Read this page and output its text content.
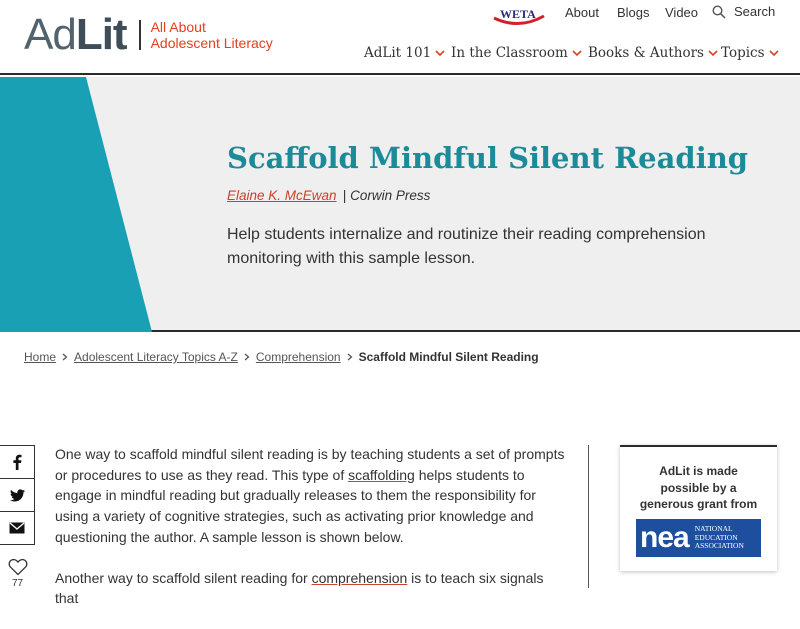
AdLit All About
Adolescent Literacy
WETA About Blogs Video	Search
AdLit 101 In the Classroom Books & Authors Topics
Scaffold Mindful Silent Reading
Elaine K. McEwan | Corwin Press

Help students internalize and routinize their reading comprehension monitoring with this sample lesson.

Home Adolescent Literacy Topics A-Z Comprehension Scaffold Mindful Silent Reading
77

One way to scaffold mindful silent reading is by teaching students a set of prompts or procedures to use as they read. This type of scaffolding helps students to engage in mindful reading but gradually releases to them the responsibility for using a variety of cognitive strategies, such as activating prior knowledge and questioning the author. A sample lesson is shown below.

Another way to scaffold silent reading for comprehension is to teach six signals that

AdLit is made possible by a generous grant from
nea NATIONAL
EDUCATION
ASSOCIATION
